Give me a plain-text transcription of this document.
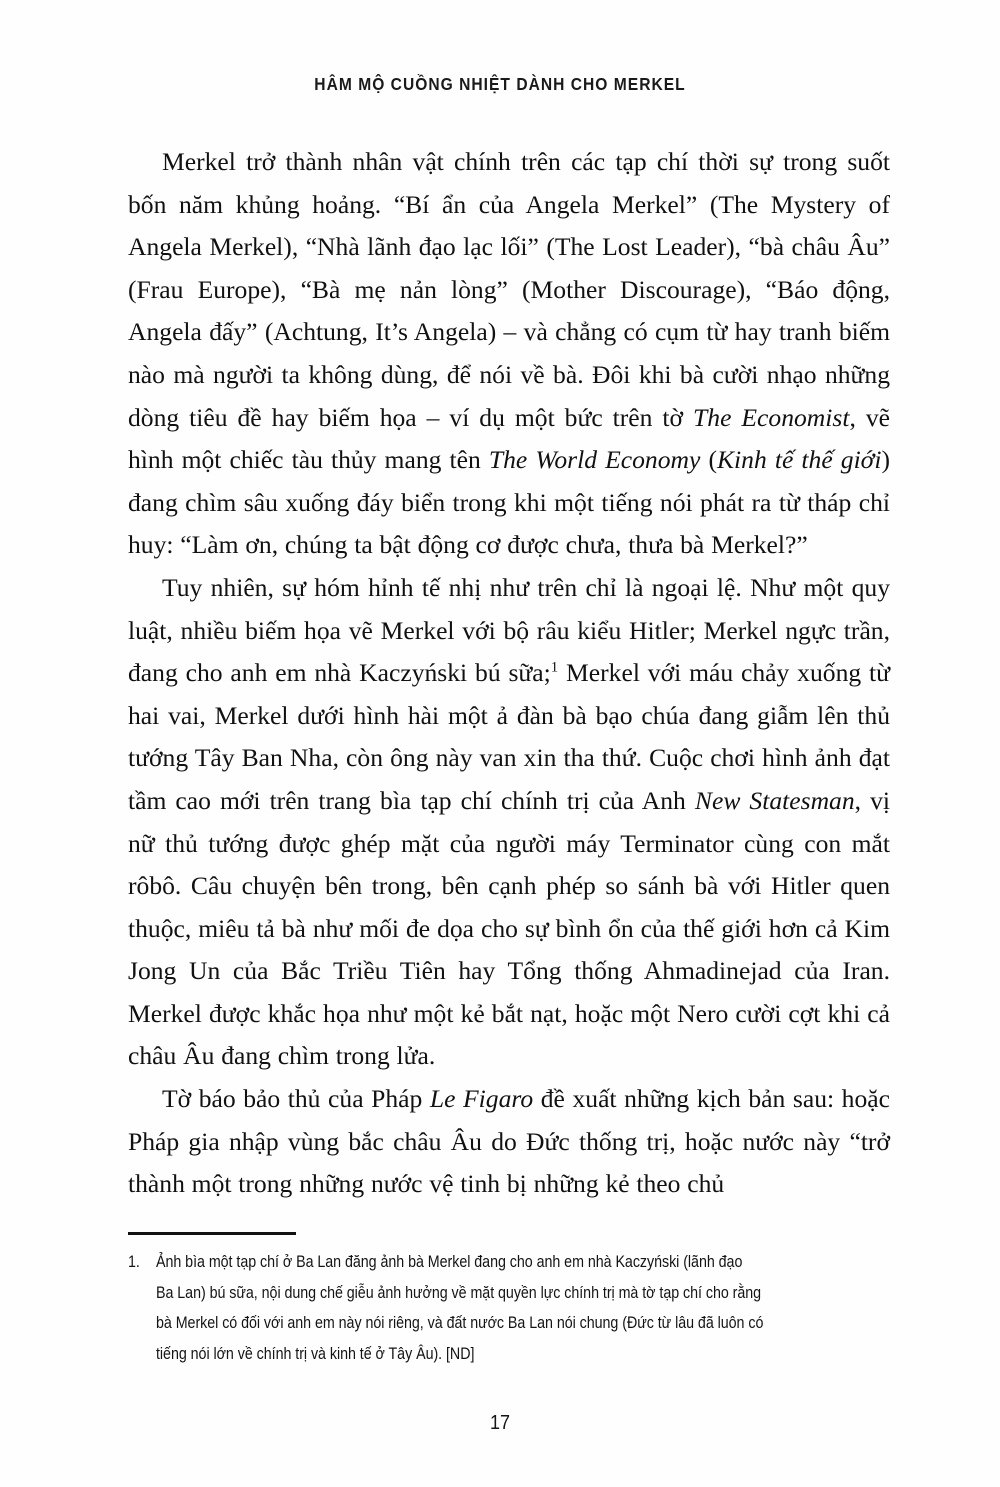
HÂM MỘ CUỒNG NHIỆT DÀNH CHO MERKEL

Merkel trở thành nhân vật chính trên các tạp chí thời sự trong suốt bốn năm khủng hoảng. “Bí ẩn của Angela Merkel” (The Mystery of Angela Merkel), “Nhà lãnh đạo lạc lối” (The Lost Leader), “bà châu Âu” (Frau Europe), “Bà mẹ nản lòng” (Mother Discourage), “Báo động, Angela đấy” (Achtung, It’s Angela) – và chẳng có cụm từ hay tranh biếm nào mà người ta không dùng, để nói về bà. Đôi khi bà cười nhạo những dòng tiêu đề hay biếm họa – ví dụ một bức trên tờ The Economist, vẽ hình một chiếc tàu thủy mang tên The World Economy (Kinh tế thế giới) đang chìm sâu xuống đáy biển trong khi một tiếng nói phát ra từ tháp chỉ huy: “Làm ơn, chúng ta bật động cơ được chưa, thưa bà Merkel?”

Tuy nhiên, sự hóm hỉnh tế nhị như trên chỉ là ngoại lệ. Như một quy luật, nhiều biếm họa vẽ Merkel với bộ râu kiểu Hitler; Merkel ngực trần, đang cho anh em nhà Kaczyński bú sữa;$^1$ Merkel với máu chảy xuống từ hai vai, Merkel dưới hình hài một ả đàn bà bạo chúa đang giẫm lên thủ tướng Tây Ban Nha, còn ông này van xin tha thứ. Cuộc chơi hình ảnh đạt tầm cao mới trên trang bìa tạp chí chính trị của Anh New Statesman, vị nữ thủ tướng được ghép mặt của người máy Terminator cùng con mắt rôbô. Câu chuyện bên trong, bên cạnh phép so sánh bà với Hitler quen thuộc, miêu tả bà như mối đe dọa cho sự bình ổn của thế giới hơn cả Kim Jong Un của Bắc Triều Tiên hay Tổng thống Ahmadinejad của Iran. Merkel được khắc họa như một kẻ bắt nạt, hoặc một Nero cười cợt khi cả châu Âu đang chìm trong lửa.

Tờ báo bảo thủ của Pháp Le Figaro đề xuất những kịch bản sau: hoặc Pháp gia nhập vùng bắc châu Âu do Đức thống trị, hoặc nước này “trở thành một trong những nước vệ tinh bị những kẻ theo chủ

1. Ảnh bìa một tạp chí ở Ba Lan đăng ảnh bà Merkel đang cho anh em nhà Kaczyński (lãnh đạo
Ba Lan) bú sữa, nội dung chế giễu ảnh hưởng về mặt quyền lực chính trị mà tờ tạp chí cho rằng
bà Merkel có đối với anh em này nói riêng, và đất nước Ba Lan nói chung (Đức từ lâu đã luôn có
tiếng nói lớn về chính trị và kinh tế ở Tây Âu). [ND]
17
